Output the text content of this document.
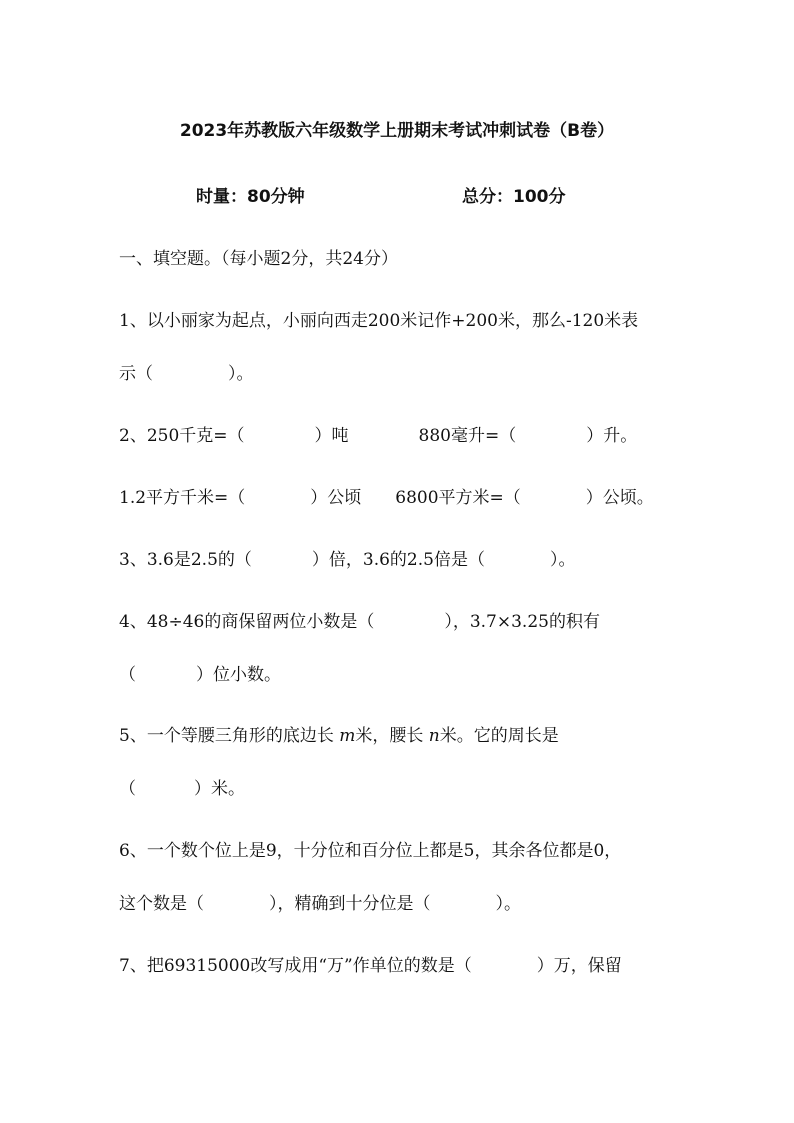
2023年苏教版六年级数学上册期末考试冲刺试卷（B卷）
时量：80分钟	总分：100分
一、填空题。（每小题2分，共24分）
1、以小丽家为起点，小丽向西走200米记作+200米，那么-120米表
示（	）。
2、250千克=（	）吨	880毫升=（	）升。
1.2平方千米=（	）公顷 6800平方米=（	）公顷。
3、3.6是2.5的（	）倍，3.6的2.5倍是（	）。
4、48÷46的商保留两位小数是（	），3.7×3.25的积有
（	）位小数。
5、一个等腰三角形的底边长 m米，腰长 n米。它的周长是
（	）米。
6、一个数个位上是9，十分位和百分位上都是5，其余各位都是0，
这个数是（	），精确到十分位是（	）。
7、把69315000改写成用“万”作单位的数是（	）万，保留
